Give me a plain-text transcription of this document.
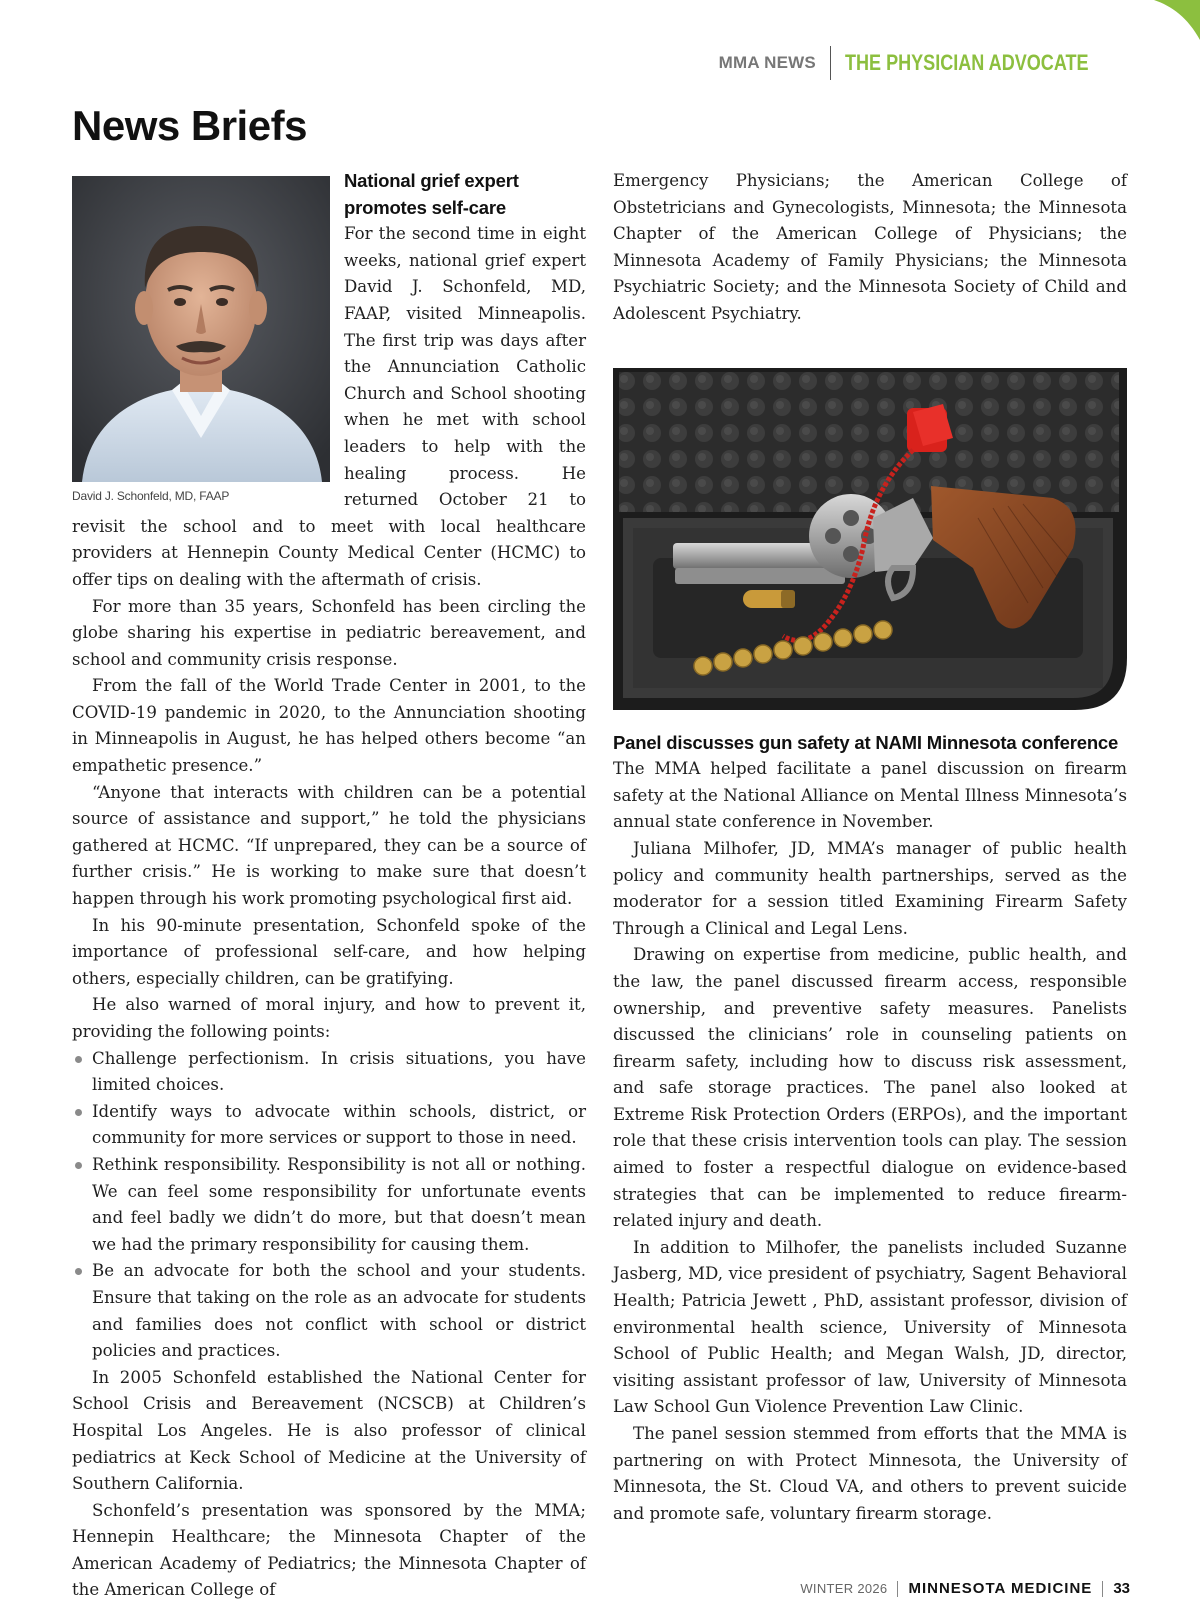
MMA NEWS THE PHYSICIAN ADVOCATE
News Briefs
David J. Schonfeld, MD, FAAP
National grief expert promotes self-care

For the second time in eight weeks, national grief expert David J. Schonfeld, MD, FAAP, visited Minneapolis. The first trip was days after the Annunciation Catholic Church and School shooting when he met with school leaders to help with the healing process. He returned October 21 to revisit the school and to meet with local healthcare providers at Hennepin County Medical Center (HCMC) to offer tips on dealing with the aftermath of crisis.

For more than 35 years, Schonfeld has been circling the globe sharing his expertise in pediatric bereavement, and school and community crisis response.

From the fall of the World Trade Center in 2001, to the COVID-19 pandemic in 2020, to the Annunciation shooting in Minneapolis in August, he has helped others become “an empathetic presence.”

“Anyone that interacts with children can be a potential source of assistance and support,” he told the physicians gathered at HCMC. “If unprepared, they can be a source of further crisis.” He is working to make sure that doesn’t happen through his work promoting psychological first aid.

In his 90-minute presentation, Schonfeld spoke of the importance of professional self-care, and how helping others, especially children, can be gratifying.

He also warned of moral injury, and how to prevent it, providing the following points:

Challenge perfectionism. In crisis situations, you have limited choices.
Identify ways to advocate within schools, district, or community for more services or support to those in need.
Rethink responsibility. Responsibility is not all or nothing. We can feel some responsibility for unfortunate events and feel badly we didn’t do more, but that doesn’t mean we had the primary responsibility for causing them.
Be an advocate for both the school and your students. Ensure that taking on the role as an advocate for students and families does not conflict with school or district policies and practices.

In 2005 Schonfeld established the National Center for School Crisis and Bereavement (NCSCB) at Children’s Hospital Los Angeles. He is also professor of clinical pediatrics at Keck School of Medicine at the University of Southern California.

Schonfeld’s presentation was sponsored by the MMA; Hennepin Healthcare; the Minnesota Chapter of the American Academy of Pediatrics; the Minnesota Chapter of the American College of

Emergency Physicians; the American College of Obstetricians and Gynecologists, Minnesota; the Minnesota Chapter of the American College of Physicians; the Minnesota Academy of Family Physicians; the Minnesota Psychiatric Society; and the Minnesota Society of Child and Adolescent Psychiatry.

Panel discusses gun safety at NAMI Minnesota conference

The MMA helped facilitate a panel discussion on firearm safety at the National Alliance on Mental Illness Minnesota’s annual state conference in November.

Juliana Milhofer, JD, MMA’s manager of public health policy and community health partnerships, served as the moderator for a session titled Examining Firearm Safety Through a Clinical and Legal Lens.

Drawing on expertise from medicine, public health, and the law, the panel discussed firearm access, responsible ownership, and preventive safety measures. Panelists discussed the clinicians’ role in counseling patients on firearm safety, including how to discuss risk assessment, and safe storage practices. The panel also looked at Extreme Risk Protection Orders (ERPOs), and the important role that these crisis intervention tools can play. The session aimed to foster a respectful dialogue on evidence-based strategies that can be implemented to reduce firearm-related injury and death.

In addition to Milhofer, the panelists included Suzanne Jasberg, MD, vice president of psychiatry, Sagent Behavioral Health; Patricia Jewett , PhD, assistant professor, division of environmental health science, University of Minnesota School of Public Health; and Megan Walsh, JD, director, visiting assistant professor of law, University of Minnesota Law School Gun Violence Prevention Law Clinic.

The panel session stemmed from efforts that the MMA is partnering on with Protect Minnesota, the University of Minnesota, the St. Cloud VA, and others to prevent suicide and promote safe, voluntary firearm storage.

WINTER 2026 MINNESOTA MEDICINE 33
